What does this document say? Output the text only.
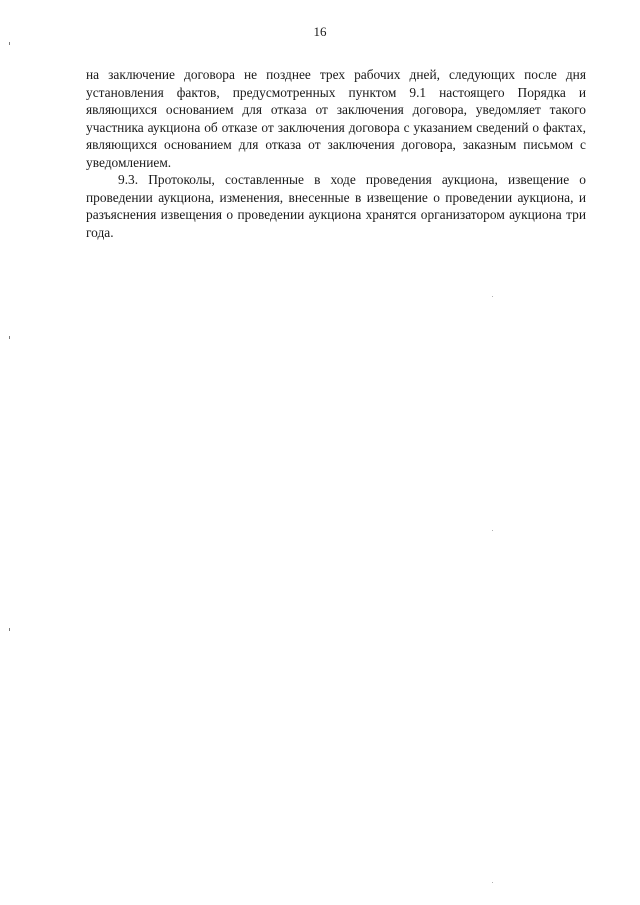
16

на заключение договора не позднее трех рабочих дней, следующих после дня установления фактов, предусмотренных пунктом 9.1 настоящего Порядка и являющихся основанием для отказа от заключения договора, уведомляет такого участника аукциона об отказе от заключения договора с указанием сведений о фактах, являющихся основанием для отказа от заключения договора, заказным письмом с уведомлением.

9.3. Протоколы, составленные в ходе проведения аукциона, извещение о проведении аукциона, изменения, внесенные в извещение о проведении аукциона, и разъяснения извещения о проведении аукциона хранятся организатором аукциона три года.
